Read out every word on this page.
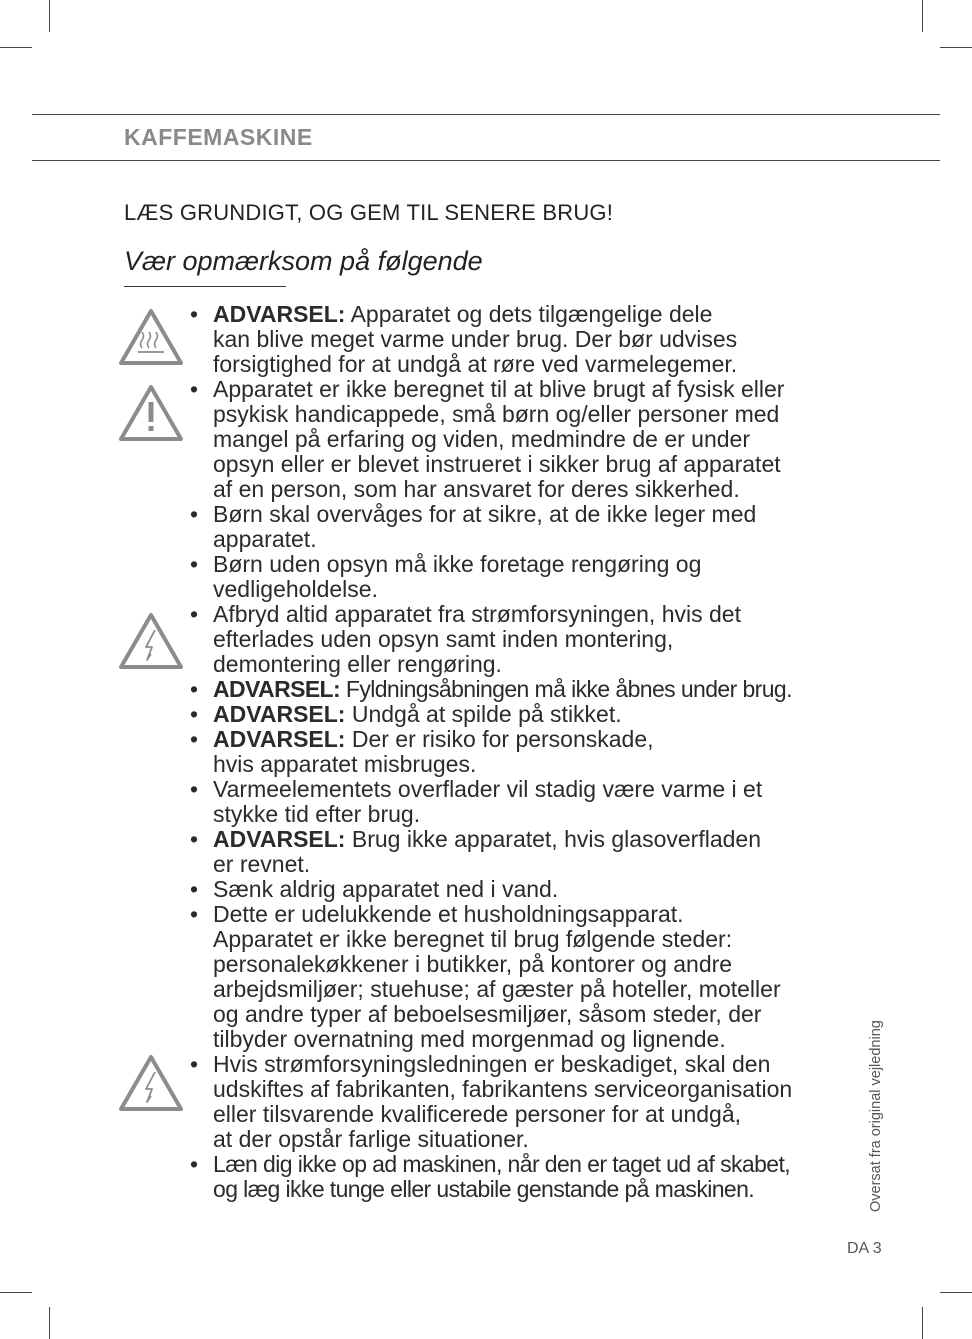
KAFFEMASKINE
LÆS GRUNDIGT, OG GEM TIL SENERE BRUG!
Vær opmærksom på følgende
• ADVARSEL: Apparatet og dets tilgængelige dele
kan blive meget varme under brug. Der bør udvises
forsigtighed for at undgå at røre ved varmelegemer.
• Apparatet er ikke beregnet til at blive brugt af fysisk eller
psykisk handicappede, små børn og/eller personer med
mangel på erfaring og viden, medmindre de er under
opsyn eller er blevet instrueret i sikker brug af apparatet
af en person, som har ansvaret for deres sikkerhed.
• Børn skal overvåges for at sikre, at de ikke leger med
apparatet.
• Børn uden opsyn må ikke foretage rengøring og
vedligeholdelse.
• Afbryd altid apparatet fra strømforsyningen, hvis det
efterlades uden opsyn samt inden montering,
demontering eller rengøring.
• ADVARSEL: Fyldningsåbningen må ikke åbnes under brug.
• ADVARSEL: Undgå at spilde på stikket.
• ADVARSEL: Der er risiko for personskade,
hvis apparatet misbruges.
• Varmeelementets overflader vil stadig være varme i et
stykke tid efter brug.
• ADVARSEL: Brug ikke apparatet, hvis glasoverfladen
er revnet.
• Sænk aldrig apparatet ned i vand.
• Dette er udelukkende et husholdningsapparat.
Apparatet er ikke beregnet til brug følgende steder:
personalekøkkener i butikker, på kontorer og andre
arbejdsmiljøer; stuehuse; af gæster på hoteller, moteller
og andre typer af beboelsesmiljøer, såsom steder, der
tilbyder overnatning med morgenmad og lignende.
• Hvis strømforsyningsledningen er beskadiget, skal den
udskiftes af fabrikanten, fabrikantens serviceorganisation
eller tilsvarende kvalificerede personer for at undgå,
at der opstår farlige situationer.
• Læn dig ikke op ad maskinen, når den er taget ud af skabet,
og læg ikke tunge eller ustabile genstande på maskinen.	Oversat fra original vejledning
DA 3
